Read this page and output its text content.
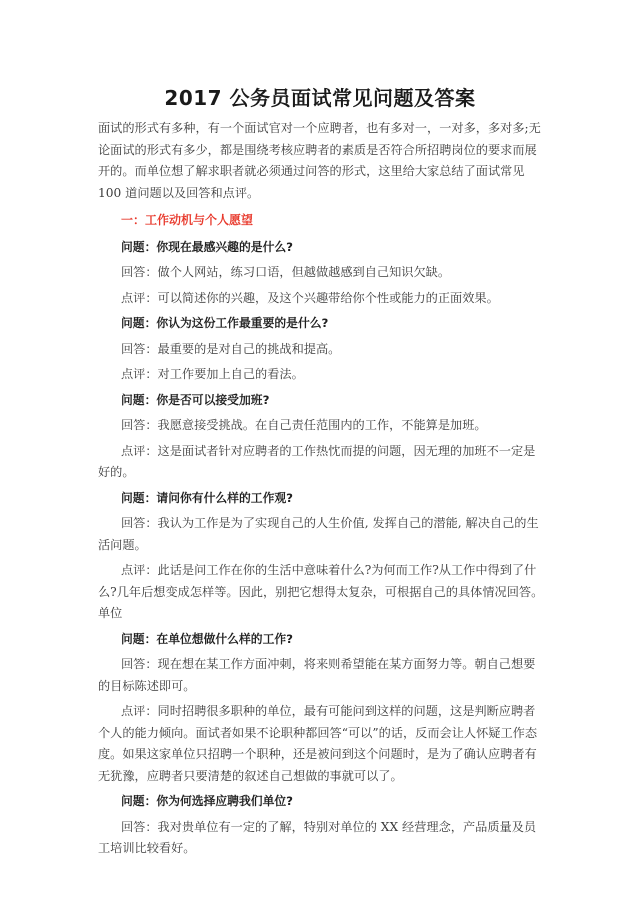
2017 公务员面试常见问题及答案

面试的形式有多种，有一个面试官对一个应聘者，也有多对一，一对多，多对多;无论面试的形式有多少，都是围绕考核应聘者的素质是否符合所招聘岗位的要求而展开的。而单位想了解求职者就必须通过问答的形式，这里给大家总结了面试常见 100 道问题以及回答和点评。

一：工作动机与个人愿望

问题：你现在最感兴趣的是什么?

回答：做个人网站，练习口语，但越做越感到自己知识欠缺。

点评：可以简述你的兴趣，及这个兴趣带给你个性或能力的正面效果。

问题：你认为这份工作最重要的是什么?

回答：最重要的是对自己的挑战和提高。

点评：对工作要加上自己的看法。

问题：你是否可以接受加班?

回答：我愿意接受挑战。在自己责任范围内的工作，不能算是加班。

点评：这是面试者针对应聘者的工作热忱而提的问题，因无理的加班不一定是好的。

问题：请问你有什么样的工作观?

回答：我认为工作是为了实现自己的人生价值, 发挥自己的潜能, 解决自己的生活问题。

点评：此话是问工作在你的生活中意味着什么?为何而工作?从工作中得到了什么?几年后想变成怎样等。因此，别把它想得太复杂，可根据自己的具体情况回答。单位

问题：在单位想做什么样的工作?

回答：现在想在某工作方面冲刺，将来则希望能在某方面努力等。朝自己想要的目标陈述即可。

点评：同时招聘很多职种的单位，最有可能问到这样的问题，这是判断应聘者个人的能力倾向。面试者如果不论职种都回答“可以”的话，反而会让人怀疑工作态度。如果这家单位只招聘一个职种，还是被问到这个问题时，是为了确认应聘者有无犹豫，应聘者只要清楚的叙述自己想做的事就可以了。

问题：你为何选择应聘我们单位?

回答：我对贵单位有一定的了解，特别对单位的 XX 经营理念，产品质量及员工培训比较看好。
